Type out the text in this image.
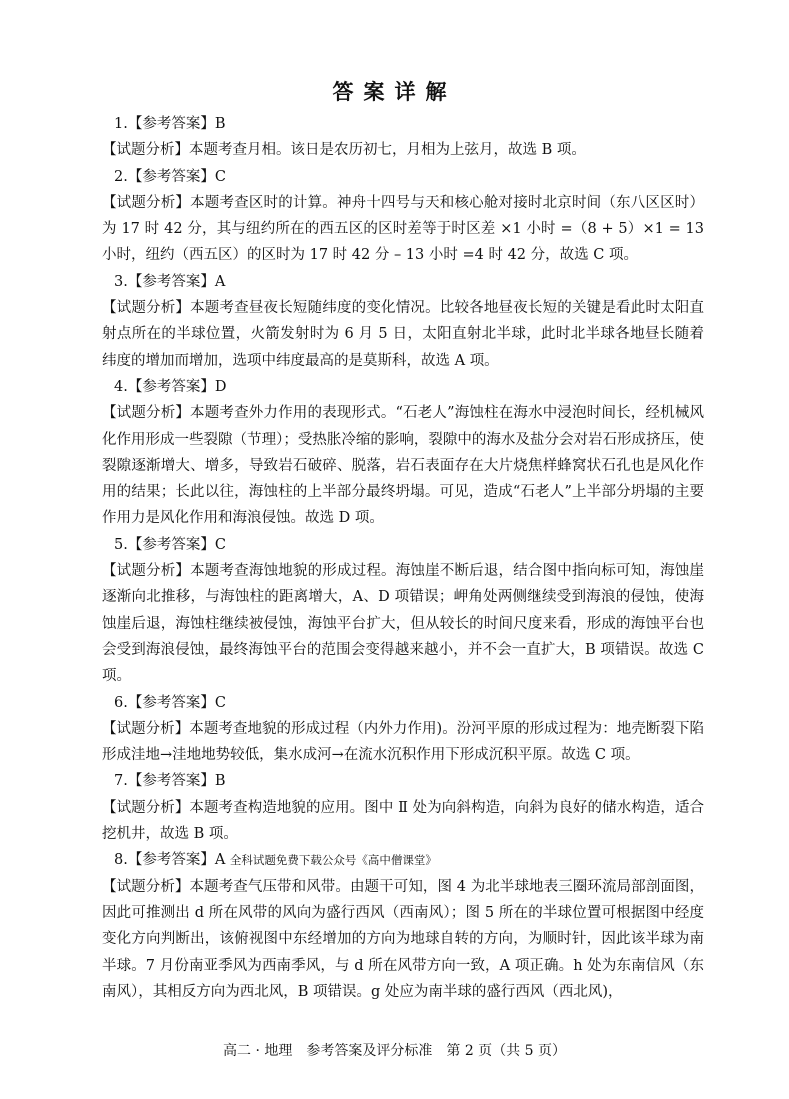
答案详解

1.【参考答案】B

【试题分析】本题考查月相。该日是农历初七，月相为上弦月，故选 B 项。

2.【参考答案】C

【试题分析】本题考查区时的计算。神舟十四号与天和核心舱对接时北京时间（东八区区时）为 17 时 42 分，其与纽约所在的西五区的区时差等于时区差 ×1 小时 =（8 + 5）×1 = 13 小时，纽约（西五区）的区时为 17 时 42 分 – 13 小时 =4 时 42 分，故选 C 项。

3.【参考答案】A

【试题分析】本题考查昼夜长短随纬度的变化情况。比较各地昼夜长短的关键是看此时太阳直射点所在的半球位置，火箭发射时为 6 月 5 日，太阳直射北半球，此时北半球各地昼长随着纬度的增加而增加，选项中纬度最高的是莫斯科，故选 A 项。

4.【参考答案】D

【试题分析】本题考查外力作用的表现形式。“石老人”海蚀柱在海水中浸泡时间长，经机械风化作用形成一些裂隙（节理）；受热胀冷缩的影响，裂隙中的海水及盐分会对岩石形成挤压，使裂隙逐渐增大、增多，导致岩石破碎、脱落，岩石表面存在大片烧焦样蜂窝状石孔也是风化作用的结果；长此以往，海蚀柱的上半部分最终坍塌。可见，造成“石老人”上半部分坍塌的主要作用力是风化作用和海浪侵蚀。故选 D 项。

5.【参考答案】C

【试题分析】本题考查海蚀地貌的形成过程。海蚀崖不断后退，结合图中指向标可知，海蚀崖逐渐向北推移，与海蚀柱的距离增大，A、D 项错误；岬角处两侧继续受到海浪的侵蚀，使海蚀崖后退，海蚀柱继续被侵蚀，海蚀平台扩大，但从较长的时间尺度来看，形成的海蚀平台也会受到海浪侵蚀，最终海蚀平台的范围会变得越来越小，并不会一直扩大，B 项错误。故选 C 项。

6.【参考答案】C

【试题分析】本题考查地貌的形成过程（内外力作用)。汾河平原的形成过程为：地壳断裂下陷形成洼地→洼地地势较低，集水成河→在流水沉积作用下形成沉积平原。故选 C 项。

7.【参考答案】B

【试题分析】本题考查构造地貌的应用。图中 Ⅱ 处为向斜构造，向斜为良好的储水构造，适合挖机井，故选 B 项。

8.【参考答案】A 全科试题免费下载公众号《高中僧课堂》

【试题分析】本题考查气压带和风带。由题干可知，图 4 为北半球地表三圈环流局部剖面图，因此可推测出 d 所在风带的风向为盛行西风（西南风）；图 5 所在的半球位置可根据图中经度变化方向判断出，该俯视图中东经增加的方向为地球自转的方向，为顺时针，因此该半球为南半球。7 月份南亚季风为西南季风，与 d 所在风带方向一致，A 项正确。h 处为东南信风（东南风），其相反方向为西北风，B 项错误。g 处应为南半球的盛行西风（西北风)，

高二 · 地理　参考答案及评分标准　第 2 页（共 5 页）
